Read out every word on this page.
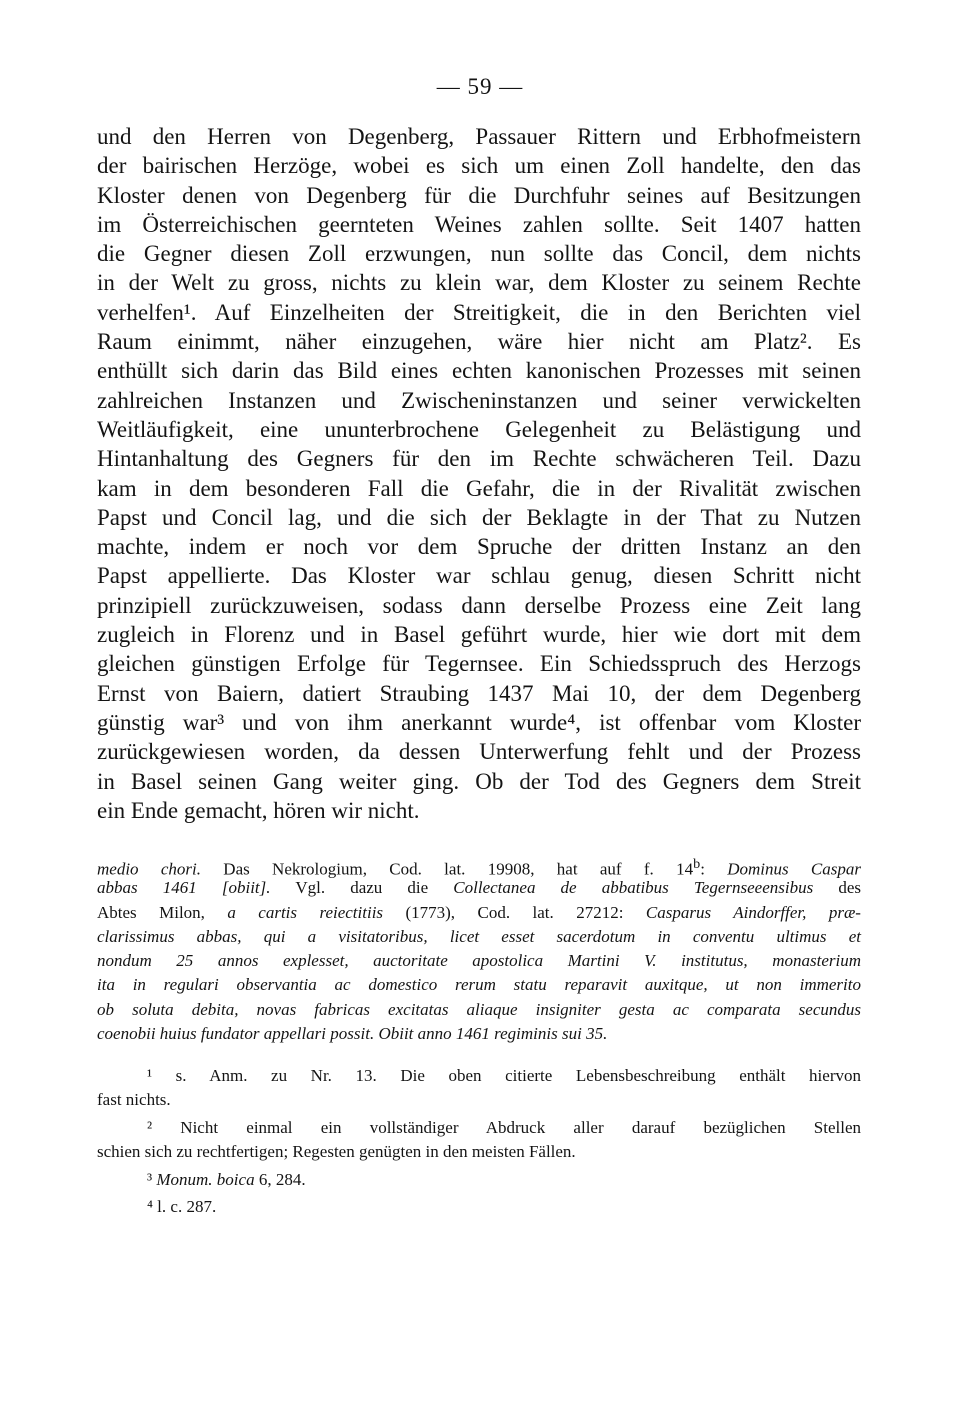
— 59 —
und den Herren von Degenberg, Passauer Rittern und Erbhofmeistern
der bairischen Herzöge, wobei es sich um einen Zoll handelte, den das
Kloster denen von Degenberg für die Durchfuhr seines auf Besitzungen
im Österreichischen geernteten Weines zahlen sollte. Seit 1407 hatten
die Gegner diesen Zoll erzwungen, nun sollte das Concil, dem nichts
in der Welt zu gross, nichts zu klein war, dem Kloster zu seinem Rechte
verhelfen¹. Auf Einzelheiten der Streitigkeit, die in den Berichten viel
Raum einimmt, näher einzugehen, wäre hier nicht am Platz². Es
enthüllt sich darin das Bild eines echten kanonischen Prozesses mit seinen
zahlreichen Instanzen und Zwischeninstanzen und seiner verwickelten
Weitläufigkeit, eine ununterbrochene Gelegenheit zu Belästigung und
Hintanhaltung des Gegners für den im Rechte schwächeren Teil. Dazu
kam in dem besonderen Fall die Gefahr, die in der Rivalität zwischen
Papst und Concil lag, und die sich der Beklagte in der That zu Nutzen
machte, indem er noch vor dem Spruche der dritten Instanz an den
Papst appellierte. Das Kloster war schlau genug, diesen Schritt nicht
prinzipiell zurückzuweisen, sodass dann derselbe Prozess eine Zeit lang
zugleich in Florenz und in Basel geführt wurde, hier wie dort mit dem
gleichen günstigen Erfolge für Tegernsee. Ein Schiedsspruch des Herzogs
Ernst von Baiern, datiert Straubing 1437 Mai 10, der dem Degenberg
günstig war³ und von ihm anerkannt wurde⁴, ist offenbar vom Kloster
zurückgewiesen worden, da dessen Unterwerfung fehlt und der Prozess
in Basel seinen Gang weiter ging. Ob der Tod des Gegners dem Streit
ein Ende gemacht, hören wir nicht.
medio chori. Das Nekrologium, Cod. lat. 19908, hat auf f. 14$^b$: Dominus Caspar
abbas 1461 [obiit]. Vgl. dazu die Collectanea de abbatibus Tegernseeensibus des
Abtes Milon, a cartis reiectitiis (1773), Cod. lat. 27212: Casparus Aindorffer, præ-
clarissimus abbas, qui a visitatoribus, licet esset sacerdotum in conventu ultimus et
nondum 25 annos explesset, auctoritate apostolica Martini V. institutus, monasterium
ita in regulari observantia ac domestico rerum statu reparavit auxitque, ut non immerito
ob soluta debita, novas fabricas excitatas aliaque insigniter gesta ac comparata secundus
coenobii huius fundator appellari possit. Obiit anno 1461 regiminis sui 35.
¹ s. Anm. zu Nr. 13. Die oben citierte Lebensbeschreibung enthält hiervon
fast nichts.
² Nicht einmal ein vollständiger Abdruck aller darauf bezüglichen Stellen
schien sich zu rechtfertigen; Regesten genügten in den meisten Fällen.
³ Monum. boica 6, 284.
⁴ l. c. 287.
